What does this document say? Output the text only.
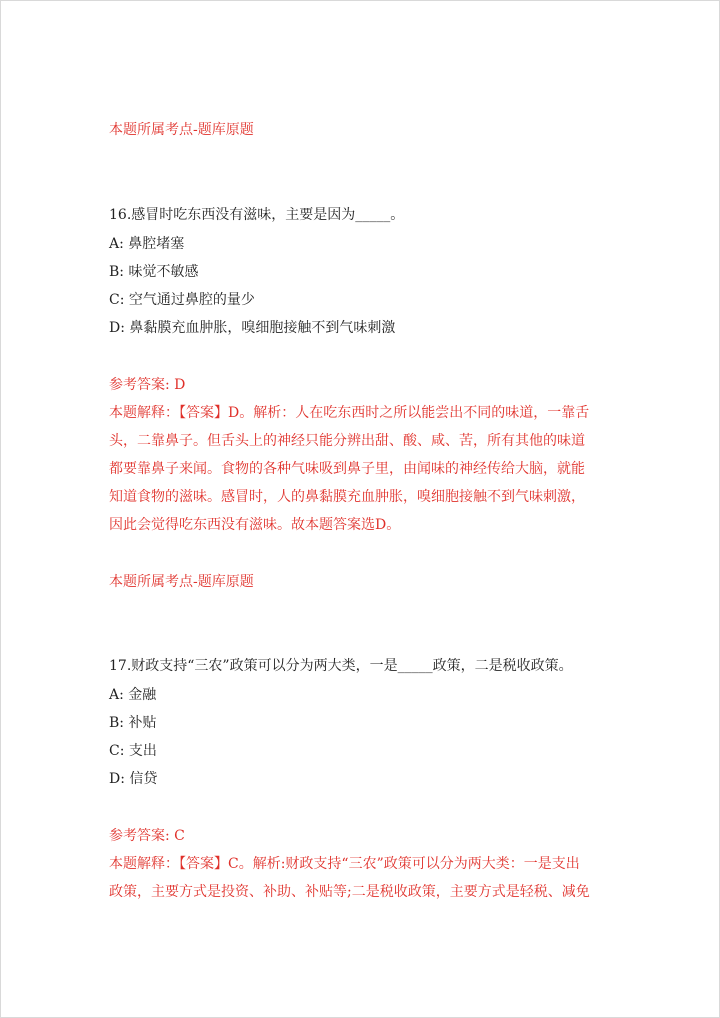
本题所属考点-题库原题
16.感冒时吃东西没有滋味，主要是因为_____。
A: 鼻腔堵塞
B: 味觉不敏感
C: 空气通过鼻腔的量少
D: 鼻黏膜充血肿胀，嗅细胞接触不到气味刺激
参考答案: D
本题解释：【答案】D。解析：人在吃东西时之所以能尝出不同的味道，一靠舌
头，二靠鼻子。但舌头上的神经只能分辨出甜、酸、咸、苦，所有其他的味道
都要靠鼻子来闻。食物的各种气味吸到鼻子里，由闻味的神经传给大脑，就能
知道食物的滋味。感冒时，人的鼻黏膜充血肿胀，嗅细胞接触不到气味刺激，
因此会觉得吃东西没有滋味。故本题答案选D。
本题所属考点-题库原题
17.财政支持“三农”政策可以分为两大类，一是_____政策，二是税收政策。
A: 金融
B: 补贴
C: 支出
D: 信贷
参考答案: C
本题解释：【答案】C。解析:财政支持“三农”政策可以分为两大类：一是支出
政策，主要方式是投资、补助、补贴等;二是税收政策，主要方式是轻税、减免
